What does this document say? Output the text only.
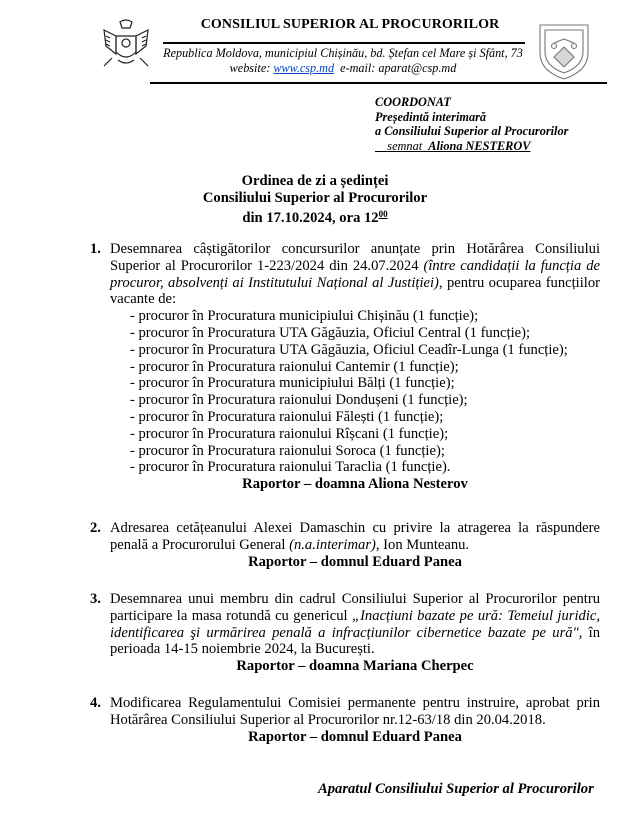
CONSILIUL SUPERIOR AL PROCURORILOR
Republica Moldova, municipiul Chișinău, bd. Ștefan cel Mare și Sfânt, 73
website: www.csp.md e-mail: aparat@csp.md
COORDONAT
Președintă interimară
a Consiliului Superior al Procurorilor
semnat Aliona NESTEROV
Ordinea de zi a ședinței
Consiliului Superior al Procurorilor
din 17.10.2024, ora $12^{00}$
1. Desemnarea câștigătorilor concursurilor anunțate prin Hotărârea Consiliului Superior al Procurorilor 1-223/2024 din 24.07.2024 (între candidații la funcția de procuror, absolvenți ai Institutului Național al Justiției), pentru ocuparea funcțiilor vacante de:
- procuror în Procuratura municipiului Chișinău (1 funcție);
- procuror în Procuratura UTA Găgăuzia, Oficiul Central (1 funcție);
- procuror în Procuratura UTA Găgăuzia, Oficiul Ceadîr-Lunga (1 funcție);
- procuror în Procuratura raionului Cantemir (1 funcție);
- procuror în Procuratura municipiului Bălți (1 funcție);
- procuror în Procuratura raionului Dondușeni (1 funcție);
- procuror în Procuratura raionului Fălești (1 funcție);
- procuror în Procuratura raionului Rîșcani (1 funcție);
- procuror în Procuratura raionului Soroca (1 funcție);
- procuror în Procuratura raionului Taraclia (1 funcție).
Raportor – doamna Aliona Nesterov
2. Adresarea cetățeanului Alexei Damaschin cu privire la atragerea la răspundere penală a Procurorului General (n.a.interimar), Ion Munteanu.
Raportor – domnul Eduard Panea
3. Desemnarea unui membru din cadrul Consiliului Superior al Procurorilor pentru participare la masa rotundă cu genericul „Inacțiuni bazate pe ură: Temeiul juridic, identificarea şi urmărirea penală a infracțiunilor cibernetice bazate pe ură", în perioada 14-15 noiembrie 2024, la București.
Raportor – doamna Mariana Cherpec
4. Modificarea Regulamentului Comisiei permanente pentru instruire, aprobat prin Hotărârea Consiliului Superior al Procurorilor nr.12-63/18 din 20.04.2018.
Raportor – domnul Eduard Panea
Aparatul Consiliului Superior al Procurorilor
